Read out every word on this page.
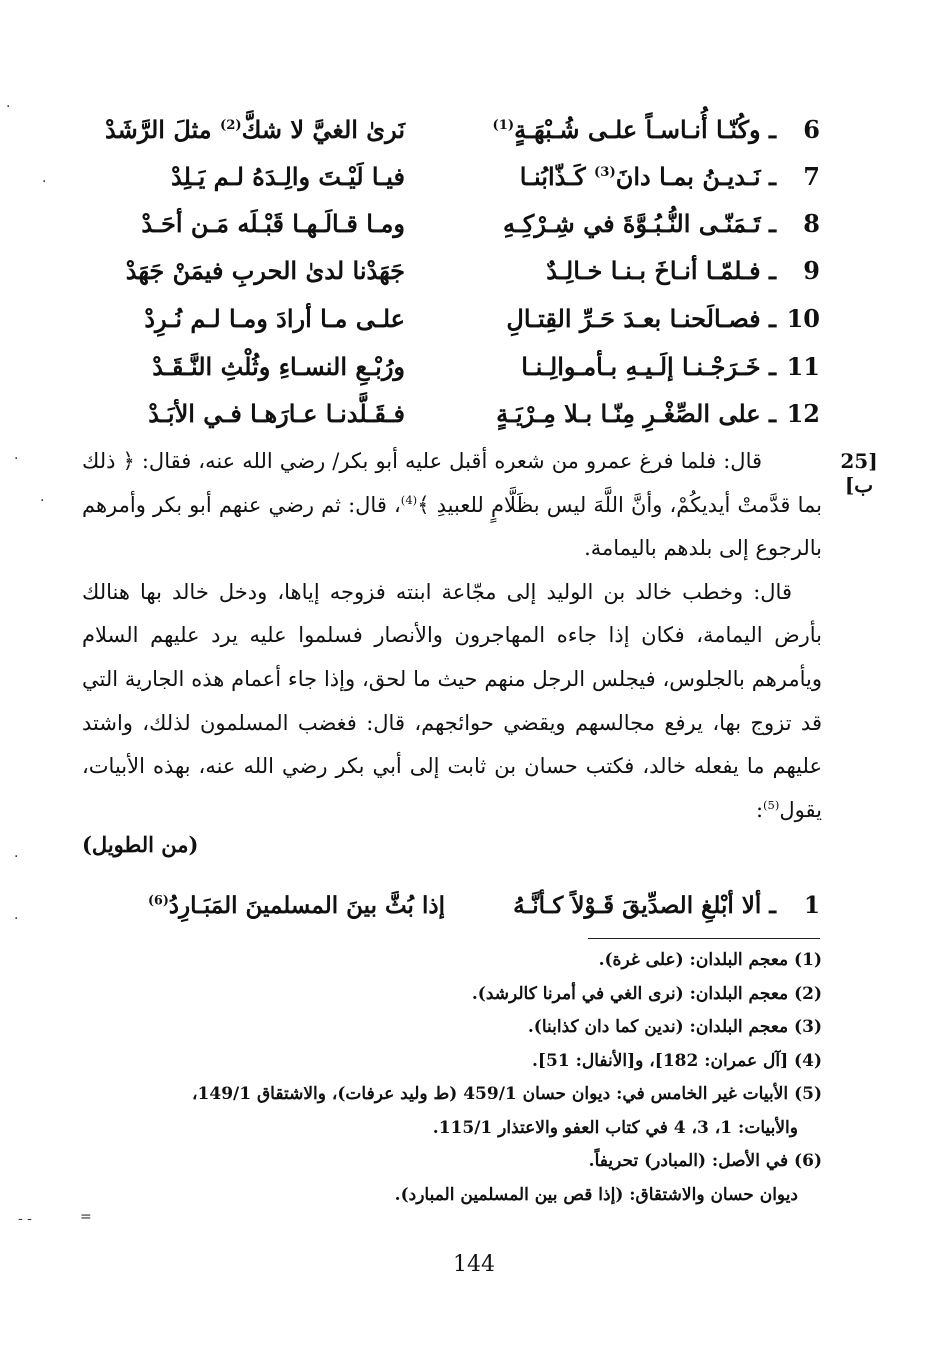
6ـ وكُنّـا أُنـاسـاً علـى شُـبْهَـةٍ$^{(1)}$
نَرىٰ الغيَّ لا شكَّ$^{(2)}$ مثلَ الرَّشَدْ
7ـ نَـديـنُ بمـا دانَ$^{(3)}$ كَـذّابُنـا
فيـا لَيْـتَ والِـدَهُ لـم يَـلِدْ
8ـ تَـمَنّـى النُّـبُـوَّةَ في شِـرْكِـهِ
ومـا قـالَـهـا قَبْـلَه مَـن أحَـدْ
9ـ فـلمّـا أنـاخَ بـنـا خـالِـدٌ
جَهَدْنا لدىٰ الحربِ فيمَنْ جَهَدْ
10ـ فصـالَحنـا بعـدَ حَـرِّ القِتـالِ
علـى مـا أرادَ ومـا لـم نُـرِدْ
11ـ خَـرَجْـنـا إلَـيـهِ بـأمـوالِـنـا
ورُبْـعِ النسـاءِ وثُلْثِ النَّـقَـدْ
12ـ على الصِّغْـرِ مِنّـا بـلا مِـرْيَـةٍ
فـقَـلَّدنـا عـارَهـا فـي الأبَـدْ
[25 ب]

قال: فلما فرغ عمرو من شعره أقبل عليه أبو بكر/ رضي الله عنه، فقال: ﴿ ذلك بما قدَّمتْ أيديكُمْ، وأنَّ اللَّهَ ليس بظَلَّامٍ للعبيدِ ﴾$^{(4)}$، قال: ثم رضي عنهم أبو بكر وأمرهم بالرجوع إلى بلدهم باليمامة.

قال: وخطب خالد بن الوليد إلى مجّاعة ابنته فزوجه إياها، ودخل خالد بها هنالك بأرض اليمامة، فكان إذا جاءه المهاجرون والأنصار فسلموا عليه يرد عليهم السلام ويأمرهم بالجلوس، فيجلس الرجل منهم حيث ما لحق، وإذا جاء أعمام هذه الجارية التي قد تزوج بها، يرفع مجالسهم ويقضي حوائجهم، قال: فغضب المسلمون لذلك، واشتد عليهم ما يفعله خالد، فكتب حسان بن ثابت إلى أبي بكر رضي الله عنه، بهذه الأبيات، يقول$^{(5)}$:

(من الطويل)
1ـ ألا أبْلغِ الصدِّيقَ قَـوْلاً كـأنَّـهُ
إذا بُثَّ بينَ المسلمينَ المَبَـارِدُ$^{(6)}$

(1) معجم البلدان: (على غرة).

(2) معجم البلدان: (نرى الغي في أمرنا كالرشد).

(3) معجم البلدان: (ندين كما دان كذابنا).

(4) [آل عمران: 182]، و[الأنفال: 51].

(5) الأبيات غير الخامس في: ديوان حسان 459/1 (ط وليد عرفات)، والاشتقاق 149/1،

والأبيات: 1، 3، 4 في كتاب العفو والاعتذار 115/1.

(6) في الأصل: (المبادر) تحريفاً.

ديوان حسان والاشتقاق: (إذا قص بين المسلمين المبارد).

144
·
·
·
·
·
·
- -	=
